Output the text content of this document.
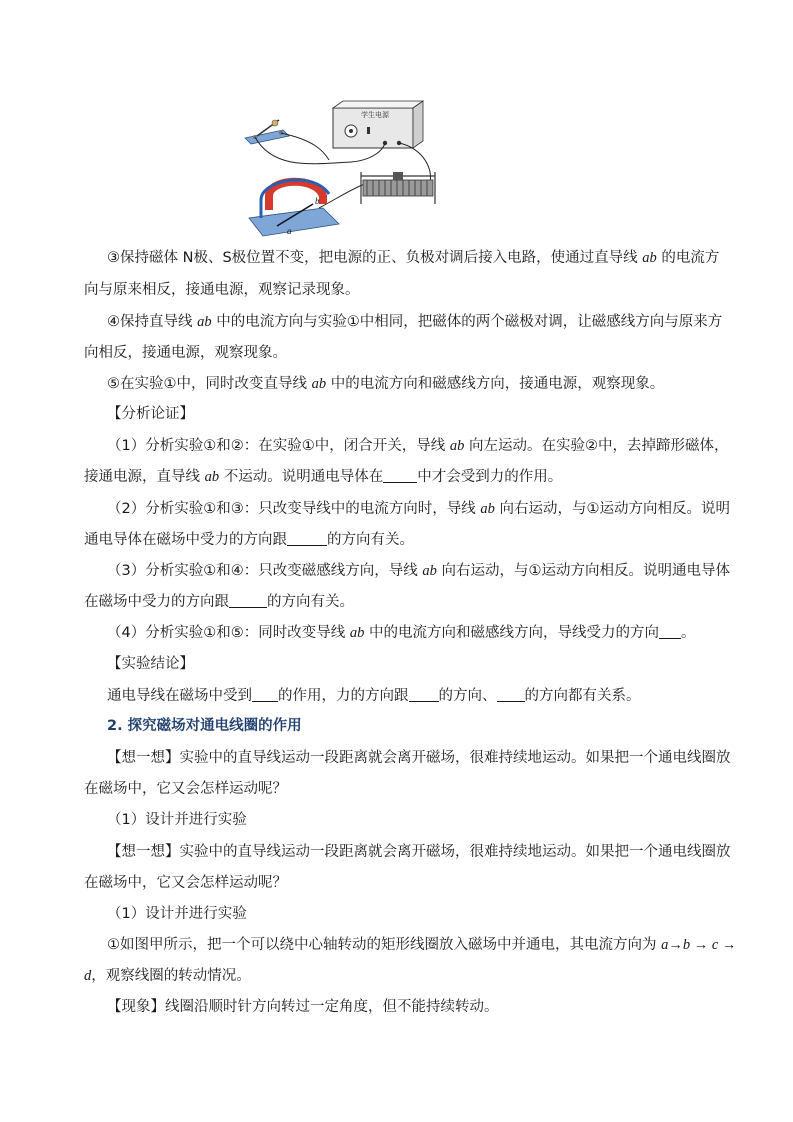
学生电源
a
b
③保持磁体 N极、S极位置不变，把电源的正、负极对调后接入电路，使通过直导线 ab 的电流方
向与原来相反，接通电源，观察记录现象。
④保持直导线 ab 中的电流方向与实验①中相同，把磁体的两个磁极对调，让磁感线方向与原来方
向相反，接通电源，观察现象。
⑤在实验①中，同时改变直导线 ab 中的电流方向和磁感线方向，接通电源，观察现象。
【分析论证】
（1）分析实验①和②：在实验①中，闭合开关，导线 ab 向左运动。在实验②中，去掉蹄形磁体，
接通电源，直导线 ab 不运动。说明通电导体在 中才会受到力的作用。
（2）分析实验①和③：只改变导线中的电流方向时，导线 ab 向右运动，与①运动方向相反。说明
通电导体在磁场中受力的方向跟	的方向有关。
（3）分析实验①和④：只改变磁感线方向，导线 ab 向右运动，与①运动方向相反。说明通电导体
在磁场中受力的方向跟	的方向有关。
（4）分析实验①和⑤：同时改变导线 ab 中的电流方向和磁感线方向，导线受力的方向 。
【实验结论】
通电导线在磁场中受到 的作用，力的方向跟 的方向、 的方向都有关系。
2. 探究磁场对通电线圈的作用
【想一想】实验中的直导线运动一段距离就会离开磁场，很难持续地运动。如果把一个通电线圈放
在磁场中，它又会怎样运动呢？
（1）设计并进行实验
【想一想】实验中的直导线运动一段距离就会离开磁场，很难持续地运动。如果把一个通电线圈放
在磁场中，它又会怎样运动呢？
（1）设计并进行实验
①如图甲所示，把一个可以绕中心轴转动的矩形线圈放入磁场中并通电，其电流方向为 a→b → c →
d，观察线圈的转动情况。
【现象】线圈沿顺时针方向转过一定角度，但不能持续转动。
